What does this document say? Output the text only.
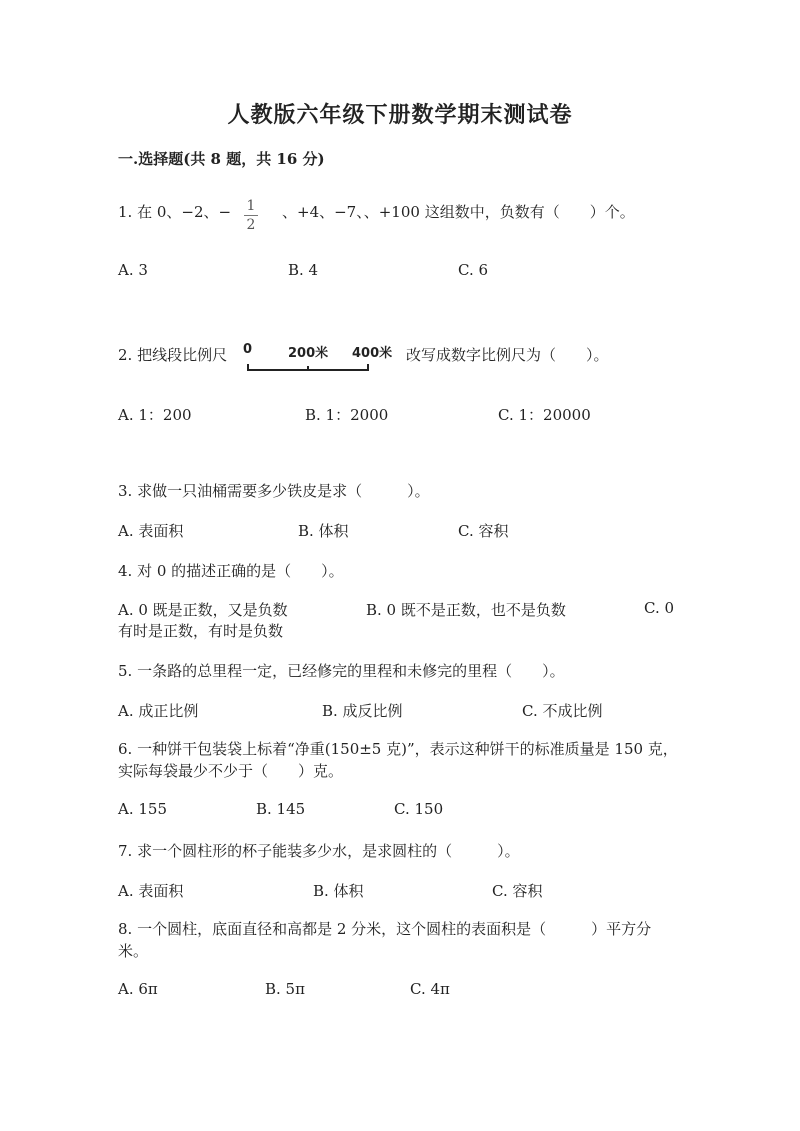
人教版六年级下册数学期末测试卷
一.选择题(共 8 题，共 16 分)
1. 在 0、−2、− 1
2
、+4、−7、、+100 这组数中，负数有（　　）个。
A. 3	B. 4	C. 6
2. 把线段比例尺 0	200米 400米 改写成数字比例尺为（　　）。
A. 1：200	B. 1：2000	C. 1：20000
3. 求做一只油桶需要多少铁皮是求（　　　）。
A. 表面积	B. 体积	C. 容积
4. 对 0 的描述正确的是（　　）。
A. 0 既是正数，又是负数	B. 0 既不是正数，也不是负数	C. 0
有时是正数，有时是负数
5. 一条路的总里程一定，已经修完的里程和未修完的里程（　　）。
A. 成正比例	B. 成反比例	C. 不成比例
6. 一种饼干包装袋上标着“净重(150±5 克)”，表示这种饼干的标准质量是 150 克，实际每袋最少不少于（　　）克。
A. 155	B. 145	C. 150
7. 求一个圆柱形的杯子能装多少水，是求圆柱的（　　　）。
A. 表面积	B. 体积	C. 容积
8. 一个圆柱，底面直径和高都是 2 分米，这个圆柱的表面积是（　　　）平方分米。
A. 6π	B. 5π	C. 4π
